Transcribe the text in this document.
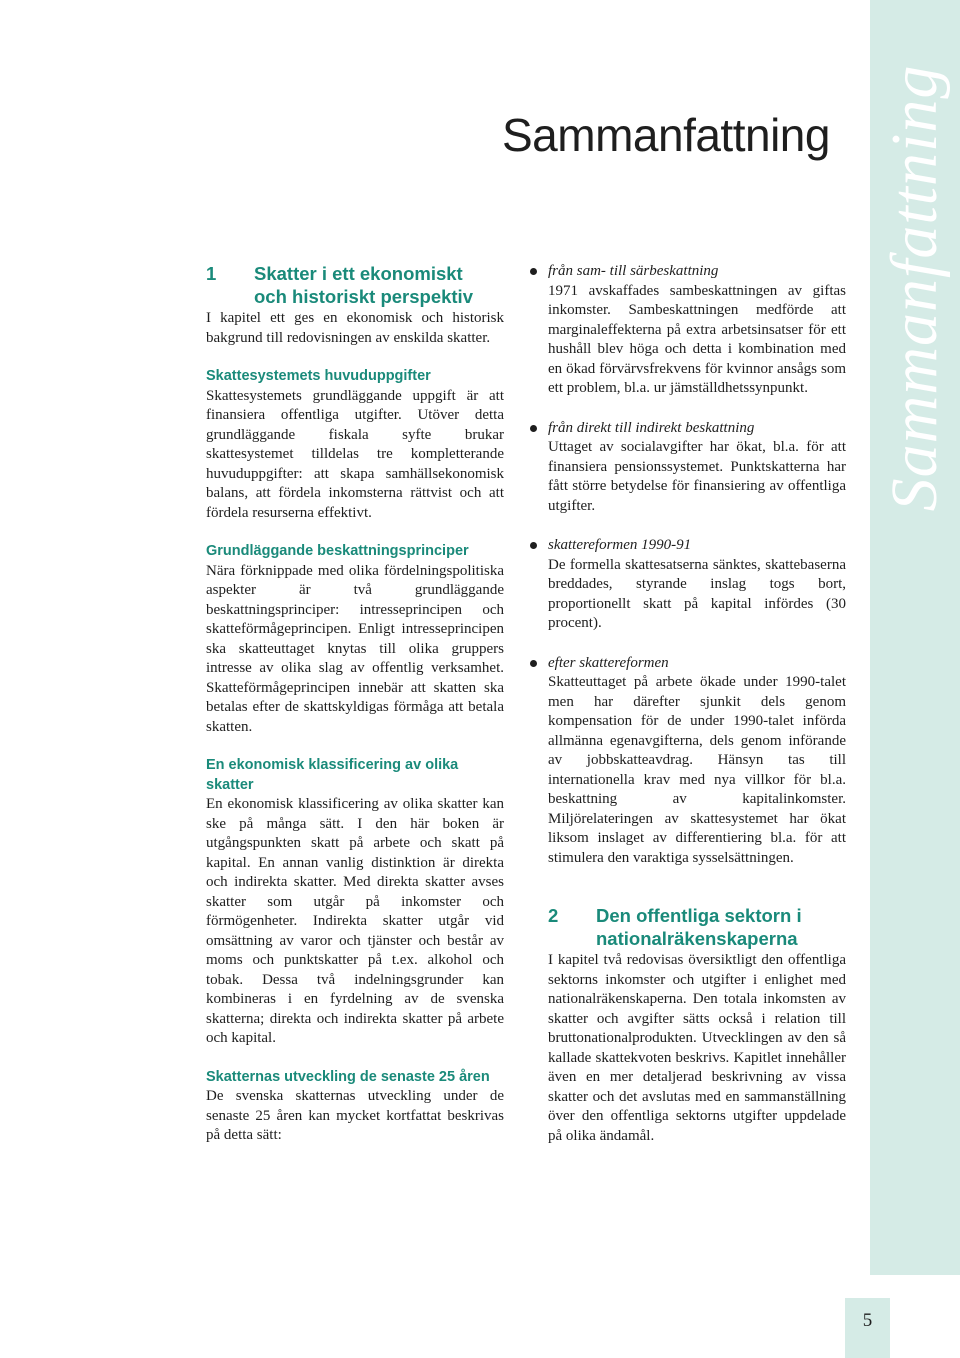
Sammanfattning
1	Skatter i ett ekonomiskt
och historiskt perspektiv

I kapitel ett ges en ekonomisk och historisk bakgrund till redovisningen av enskilda skatter.

Skattesystemets huvuduppgifter

Skattesystemets grundläggande uppgift är att finansiera offentliga utgifter. Utöver detta grundläggande fiskala syfte brukar skattesystemet tilldelas tre kompletterande huvuduppgifter: att skapa samhällsekonomisk balans, att fördela inkomsterna rättvist och att fördela resurserna effektivt.

Grundläggande beskattningsprinciper

Nära förknippade med olika fördelningspolitiska aspekter är två grundläggande beskattningsprinciper: intresseprincipen och skatteförmågeprincipen. Enligt intresseprincipen ska skatteuttaget knytas till olika gruppers intresse av olika slag av offentlig verksamhet. Skatteförmågeprincipen innebär att skatten ska betalas efter de skattskyldigas förmåga att betala skatten.

En ekonomisk klassificering av olika skatter

En ekonomisk klassificering av olika skatter kan ske på många sätt. I den här boken är utgångspunkten skatt på arbete och skatt på kapital. En annan vanlig distinktion är direkta och indirekta skatter. Med direkta skatter avses skatter som utgår på inkomster och förmögenheter. Indirekta skatter utgår vid omsättning av varor och tjänster och består av moms och punktskatter på t.ex. alkohol och tobak. Dessa två indelningsgrunder kan kombineras i en fyrdelning av de svenska skatterna; direkta och indirekta skatter på arbete och kapital.

Skatternas utveckling de senaste 25 åren

De svenska skatternas utveckling under de senaste 25 åren kan mycket kortfattat beskrivas på detta sätt:

från sam- till särbeskattning

1971 avskaffades sambeskattningen av giftas inkomster. Sambeskattningen medförde att marginaleffekterna på extra arbetsinsatser för ett hushåll blev höga och detta i kombination med en ökad förvärvsfrekvens för kvinnor ansågs som ett problem, bl.a. ur jämställdhetssynpunkt.

från direkt till indirekt beskattning

Uttaget av socialavgifter har ökat, bl.a. för att finansiera pensionssystemet. Punktskatterna har fått större betydelse för finansiering av offentliga utgifter.

skattereformen 1990-91

De formella skattesatserna sänktes, skattebaserna breddades, styrande inslag togs bort, proportionellt skatt på kapital infördes (30 procent).

efter skattereformen

Skatteuttaget på arbete ökade under 1990-talet men har därefter sjunkit dels genom kompensation för de under 1990-talet införda allmänna egenavgifterna, dels genom införande av jobbskatteavdrag. Hänsyn tas till internationella krav med nya villkor för bl.a. beskattning av kapitalinkomster. Miljörelateringen av skattesystemet har ökat liksom inslaget av differentiering bl.a. för att stimulera den varaktiga sysselsättningen.

2	Den offentliga sektorn i
nationalräkenskaperna

I kapitel två redovisas översiktligt den offentliga sektorns inkomster och utgifter i enlighet med nationalräkenskaperna. Den totala inkomsten av skatter och avgifter sätts också i relation till bruttonationalprodukten. Utvecklingen av den så kallade skattekvoten beskrivs. Kapitlet innehåller även en mer detaljerad beskrivning av vissa skatter och det avslutas med en sammanställning över den offentliga sektorns utgifter uppdelade på olika ändamål.

Sammanfattning
5
